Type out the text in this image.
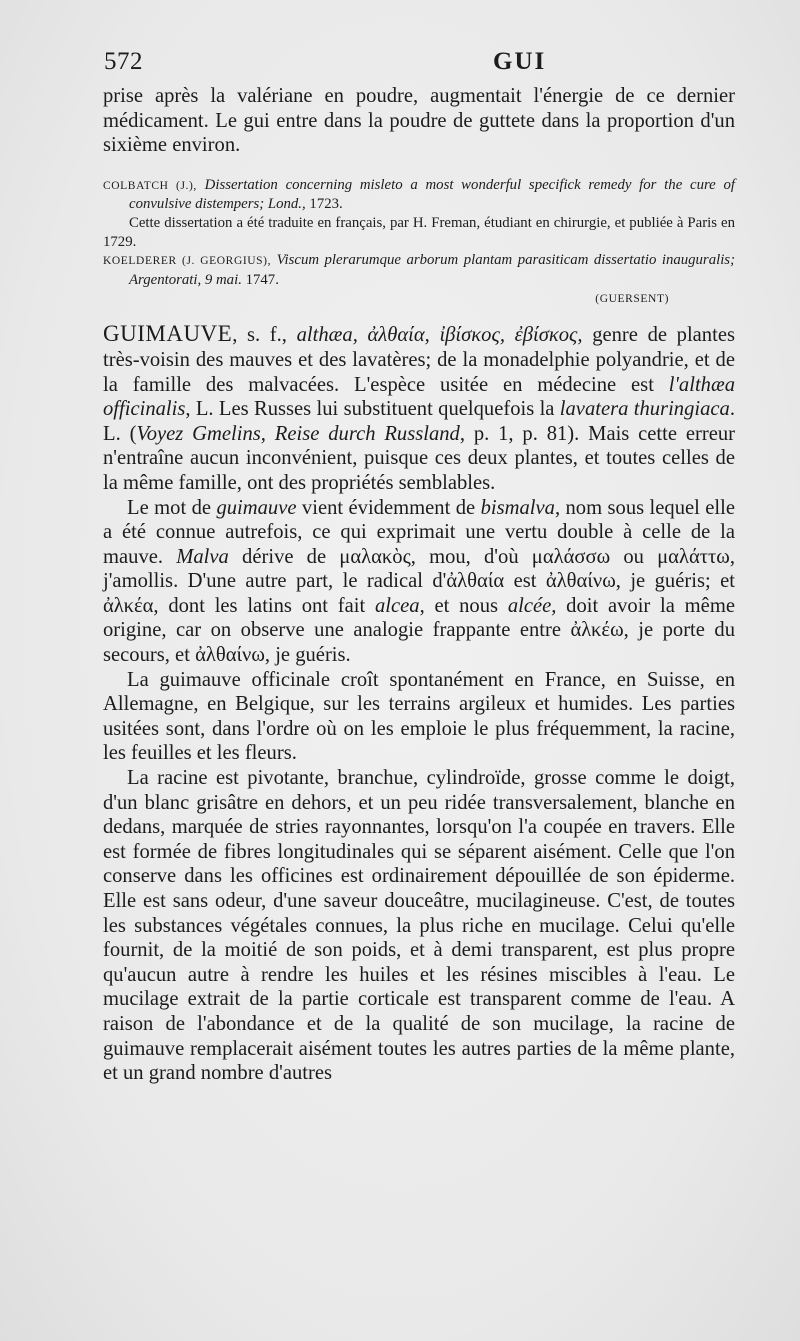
572	GUI

prise après la valériane en poudre, augmentait l'énergie de ce dernier médicament. Le gui entre dans la poudre de guttete dans la proportion d'un sixième environ.

COLBATCH (J.), Dissertation concerning misleto a most wonderful specifick remedy for the cure of convulsive distempers; Lond., 1723.

Cette dissertation a été traduite en français, par H. Freman, étudiant en chirurgie, et publiée à Paris en 1729.

KOELDERER (J. GEORGIUS), Viscum plerarumque arborum plantam parasiticam dissertatio inauguralis; Argentorati, 9 mai. 1747.

(GUERSENT)

GUIMAUVE, s. f., althæa, ἀλθαία, ἰβίσκος, ἐβίσκος, genre de plantes très-voisin des mauves et des lavatères; de la monadelphie polyandrie, et de la famille des malvacées. L'espèce usitée en médecine est l'althæa officinalis, L. Les Russes lui substituent quelquefois la lavatera thuringiaca. L. (Voyez Gmelins, Reise durch Russland, p. 1, p. 81). Mais cette erreur n'entraîne aucun inconvénient, puisque ces deux plantes, et toutes celles de la même famille, ont des propriétés semblables.

Le mot de guimauve vient évidemment de bismalva, nom sous lequel elle a été connue autrefois, ce qui exprimait une vertu double à celle de la mauve. Malva dérive de μαλακὸς, mou, d'où μαλάσσω ou μαλάττω, j'amollis. D'une autre part, le radical d'ἀλθαία est ἀλθαίνω, je guéris; et ἀλκέα, dont les latins ont fait alcea, et nous alcée, doit avoir la même origine, car on observe une analogie frappante entre ἀλκέω, je porte du secours, et ἀλθαίνω, je guéris.

La guimauve officinale croît spontanément en France, en Suisse, en Allemagne, en Belgique, sur les terrains argileux et humides. Les parties usitées sont, dans l'ordre où on les emploie le plus fréquemment, la racine, les feuilles et les fleurs.

La racine est pivotante, branchue, cylindroïde, grosse comme le doigt, d'un blanc grisâtre en dehors, et un peu ridée transversalement, blanche en dedans, marquée de stries rayonnantes, lorsqu'on l'a coupée en travers. Elle est formée de fibres longitudinales qui se séparent aisément. Celle que l'on conserve dans les officines est ordinairement dépouillée de son épiderme. Elle est sans odeur, d'une saveur douceâtre, mucilagineuse. C'est, de toutes les substances végétales connues, la plus riche en mucilage. Celui qu'elle fournit, de la moitié de son poids, et à demi transparent, est plus propre qu'aucun autre à rendre les huiles et les résines miscibles à l'eau. Le mucilage extrait de la partie corticale est transparent comme de l'eau. A raison de l'abondance et de la qualité de son mucilage, la racine de guimauve remplacerait aisément toutes les autres parties de la même plante, et un grand nombre d'autres
